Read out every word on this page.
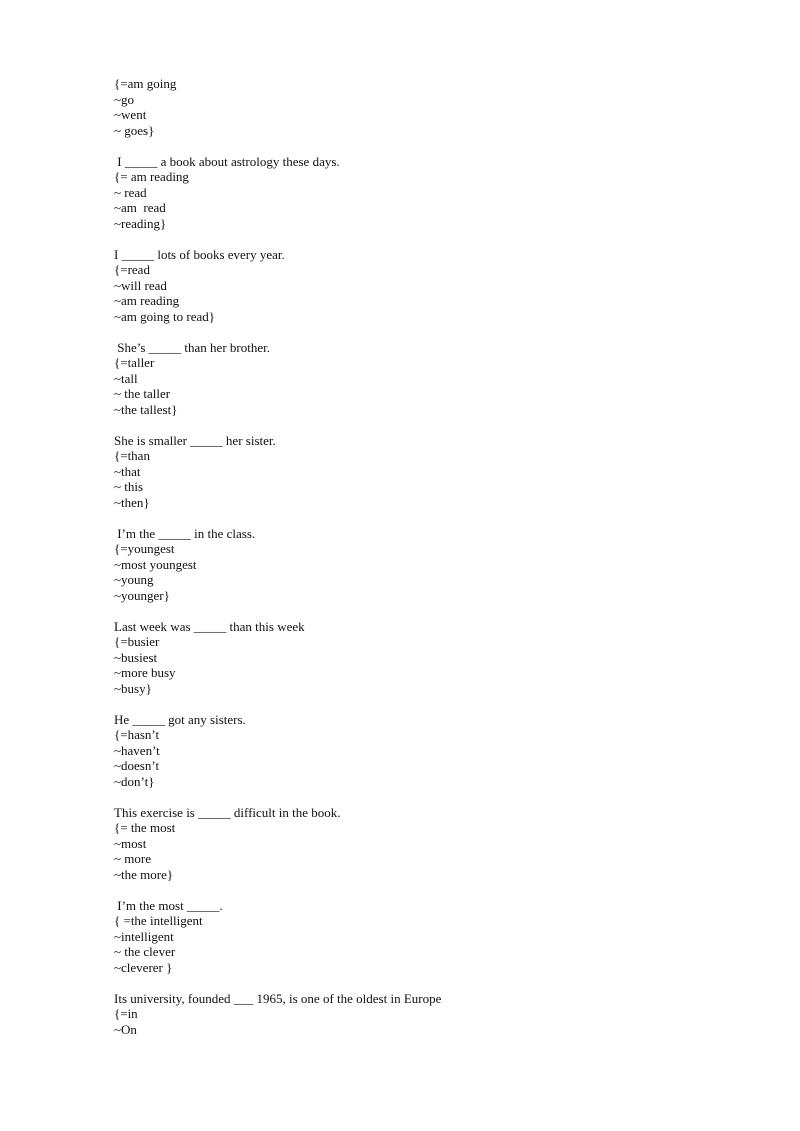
{=am going
~go
~went
~ goes}
I _____ a book about astrology these days.
{= am reading
~ read
~am  read
~reading}
I _____ lots of books every year.
{=read
~will read
~am reading
~am going to read}
She’s _____ than her brother.
{=taller
~tall
~ the taller
~the tallest}
She is smaller _____ her sister.
{=than
~that
~ this
~then}
I’m the _____ in the class.
{=youngest
~most youngest
~young
~younger}
Last week was _____ than this week
{=busier
~busiest
~more busy
~busy}
He _____ got any sisters.
{=hasn’t
~haven’t
~doesn’t
~don’t}
This exercise is _____ difficult in the book.
{= the most
~most
~ more
~the more}
I’m the most _____.
{ =the intelligent
~intelligent
~ the clever
~cleverer }
Its university, founded ___ 1965, is one of the oldest in Europe
{=in
~On
